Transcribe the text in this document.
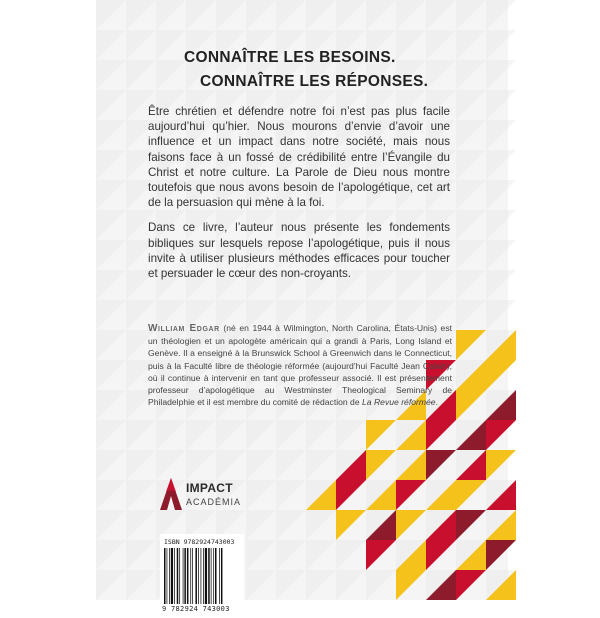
CONNAÎTRE LES BESOINS.
CONNAÎTRE LES RÉPONSES.

Être chrétien et défendre notre foi n’est pas plus facile aujourd’hui qu’hier. Nous mourons d’envie d’avoir une influence et un impact dans notre société, mais nous faisons face à un fossé de crédibilité entre l’Évangile du Christ et notre culture. La Parole de Dieu nous montre toutefois que nous avons besoin de l’apologétique, cet art de la persuasion qui mène à la foi.

Dans ce livre, l’auteur nous présente les fondements bibliques sur lesquels repose l’apologétique, puis il nous invite à utiliser plusieurs méthodes efficaces pour toucher et persuader le cœur des non-croyants.

William Edgar (né en 1944 à Wilmington, North Carolina, États-Unis) est un théologien et un apologète américain qui a grandi à Paris, Long Island et Genève. Il a enseigné à la Brunswick School à Greenwich dans le Connecticut, puis à la Faculté libre de théologie réformée (aujourd’hui Faculté Jean Calvin), où il continue à intervenir en tant que professeur associé. Il est présentement professeur d’apologétique au Westminster Theological Seminary de Philadelphie et il est membre du comité de rédaction de La Revue réformée.
IMPACT
ACADÉMIA
ISBN 9782924743003
9 782924 743003
